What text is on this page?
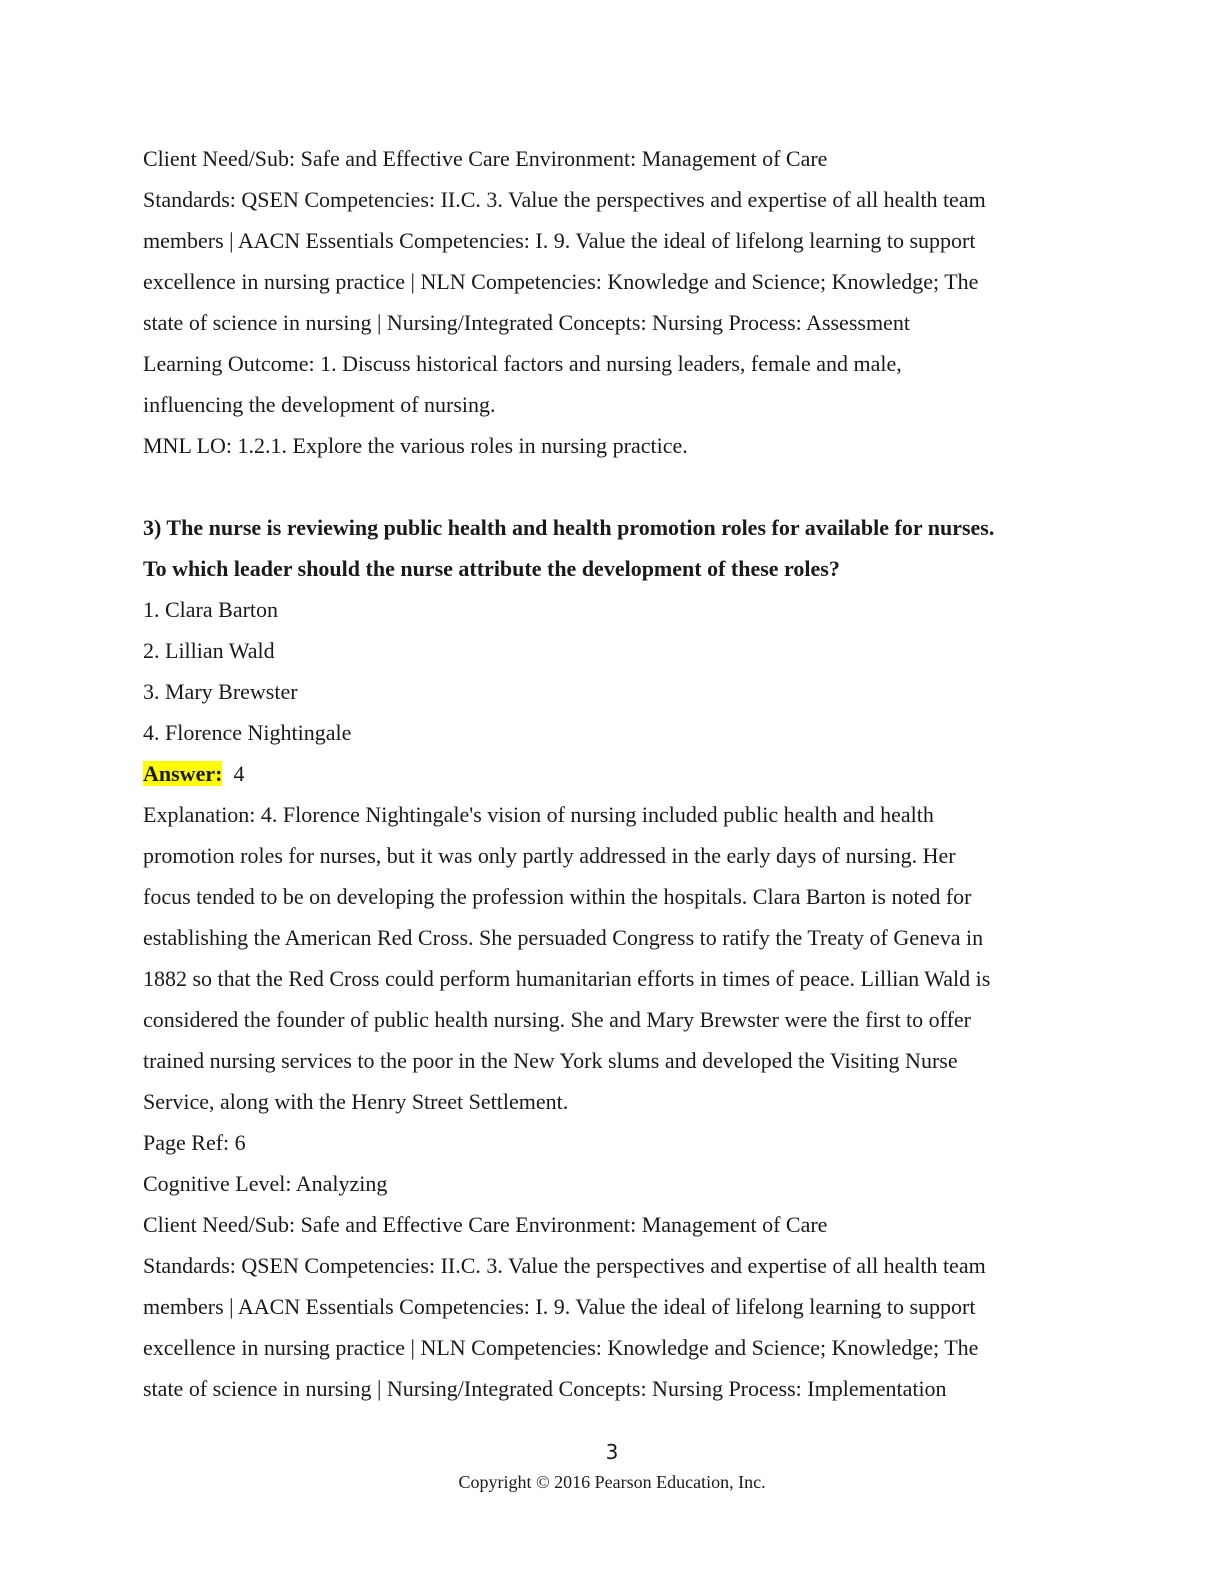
Client Need/Sub: Safe and Effective Care Environment: Management of Care
Standards: QSEN Competencies: II.C. 3. Value the perspectives and expertise of all health team
members | AACN Essentials Competencies: I. 9. Value the ideal of lifelong learning to support
excellence in nursing practice | NLN Competencies: Knowledge and Science; Knowledge; The
state of science in nursing | Nursing/Integrated Concepts: Nursing Process: Assessment
Learning Outcome: 1. Discuss historical factors and nursing leaders, female and male,
influencing the development of nursing.
MNL LO: 1.2.1. Explore the various roles in nursing practice.
3) The nurse is reviewing public health and health promotion roles for available for nurses.
To which leader should the nurse attribute the development of these roles?
1. Clara Barton
2. Lillian Wald
3. Mary Brewster
4. Florence Nightingale
Answer:  4
Explanation: 4. Florence Nightingale's vision of nursing included public health and health
promotion roles for nurses, but it was only partly addressed in the early days of nursing. Her
focus tended to be on developing the profession within the hospitals. Clara Barton is noted for
establishing the American Red Cross. She persuaded Congress to ratify the Treaty of Geneva in
1882 so that the Red Cross could perform humanitarian efforts in times of peace. Lillian Wald is
considered the founder of public health nursing. She and Mary Brewster were the first to offer
trained nursing services to the poor in the New York slums and developed the Visiting Nurse
Service, along with the Henry Street Settlement.
Page Ref: 6
Cognitive Level: Analyzing
Client Need/Sub: Safe and Effective Care Environment: Management of Care
Standards: QSEN Competencies: II.C. 3. Value the perspectives and expertise of all health team
members | AACN Essentials Competencies: I. 9. Value the ideal of lifelong learning to support
excellence in nursing practice | NLN Competencies: Knowledge and Science; Knowledge; The
state of science in nursing | Nursing/Integrated Concepts: Nursing Process: Implementation
3
Copyright © 2016 Pearson Education, Inc.
